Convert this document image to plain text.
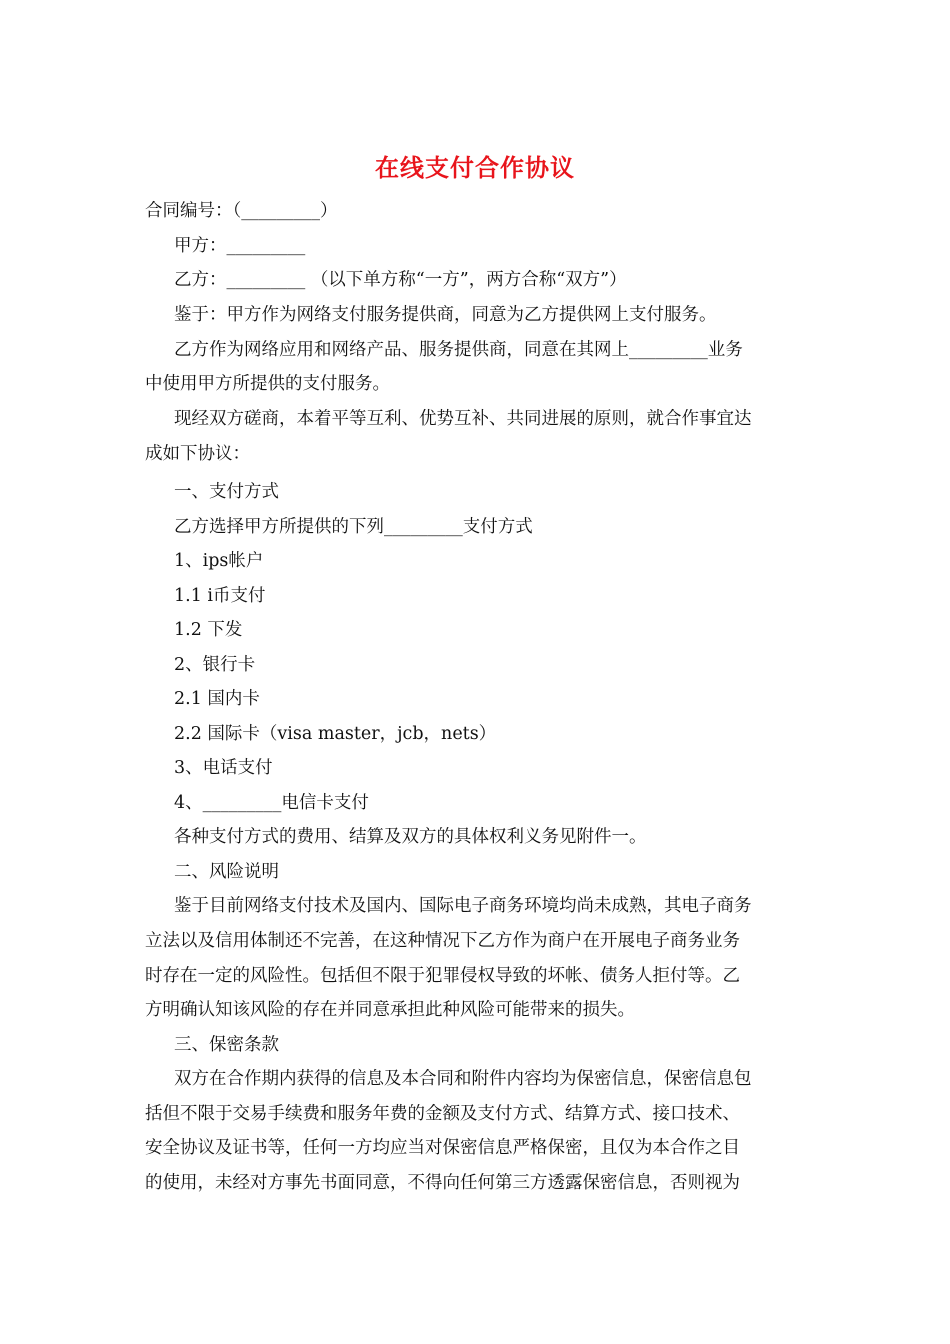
在线支付合作协议
合同编号：（_________）
甲方：_________
乙方：_________ （以下单方称“一方”，两方合称“双方”）
鉴于：甲方作为网络支付服务提供商，同意为乙方提供网上支付服务。
乙方作为网络应用和网络产品、服务提供商，同意在其网上_________业务
中使用甲方所提供的支付服务。
现经双方磋商，本着平等互利、优势互补、共同进展的原则，就合作事宜达
成如下协议：
一、支付方式
乙方选择甲方所提供的下列_________支付方式
1、ips帐户
1.1 i币支付
1.2 下发
2、银行卡
2.1 国内卡
2.2 国际卡（visa master，jcb，nets）
3、电话支付
4、_________电信卡支付
各种支付方式的费用、结算及双方的具体权利义务见附件一。
二、风险说明
鉴于目前网络支付技术及国内、国际电子商务环境均尚未成熟，其电子商务
立法以及信用体制还不完善，在这种情况下乙方作为商户在开展电子商务业务
时存在一定的风险性。包括但不限于犯罪侵权导致的坏帐、债务人拒付等。乙
方明确认知该风险的存在并同意承担此种风险可能带来的损失。
三、保密条款
双方在合作期内获得的信息及本合同和附件内容均为保密信息，保密信息包
括但不限于交易手续费和服务年费的金额及支付方式、结算方式、接口技术、
安全协议及证书等，任何一方均应当对保密信息严格保密，且仅为本合作之目
的使用，未经对方事先书面同意，不得向任何第三方透露保密信息，否则视为
